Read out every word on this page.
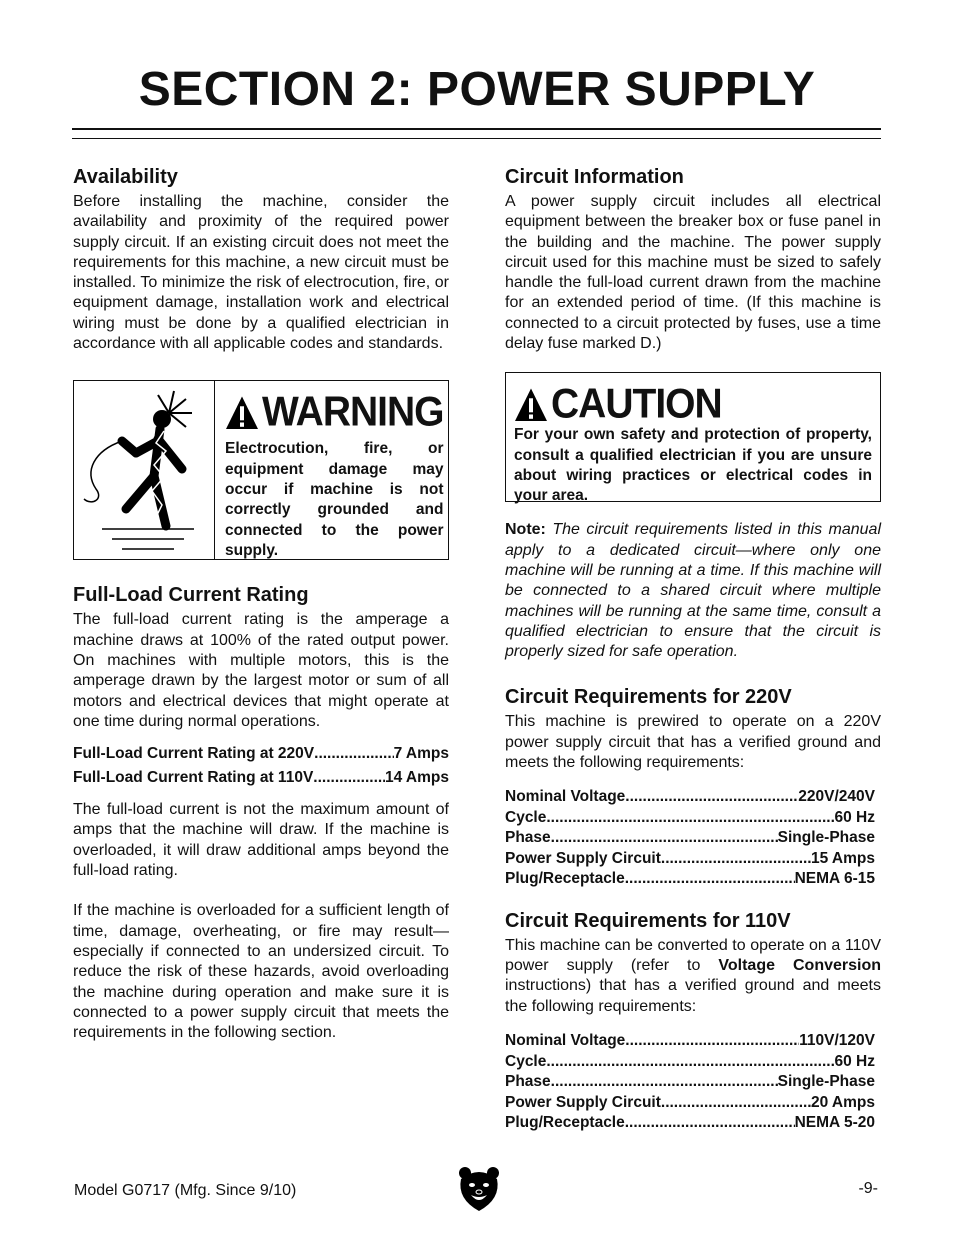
SECTION 2: POWER SUPPLY
Availability

Before installing the machine, consider the availability and proximity of the required power supply circuit. If an existing circuit does not meet the requirements for this machine, a new circuit must be installed. To minimize the risk of electrocution, fire, or equipment damage, installation work and electrical wiring must be done by a qualified electrician in accordance with all applicable codes and standards.

WARNING
Electrocution, fire, or equipment damage may occur if machine is not correctly grounded and connected to the power supply.
Full-Load Current Rating

The full-load current rating is the amperage a machine draws at 100% of the rated output power. On machines with multiple motors, this is the amperage drawn by the largest motor or sum of all motors and electrical devices that might operate at one time during normal operations.

Full-Load Current Rating at 220V .....	7 Amps
Full-Load Current Rating at 110V .....	14 Amps

The full-load current is not the maximum amount of amps that the machine will draw. If the machine is overloaded, it will draw additional amps beyond the full-load rating.

If the machine is overloaded for a sufficient length of time, damage, overheating, or fire may result—especially if connected to an undersized circuit. To reduce the risk of these hazards, avoid overloading the machine during operation and make sure it is connected to a power supply circuit that meets the requirements in the following section.

Circuit Information

A power supply circuit includes all electrical equipment between the breaker box or fuse panel in the building and the machine. The power supply circuit used for this machine must be sized to safely handle the full-load current drawn from the machine for an extended period of time. (If this machine is connected to a circuit protected by fuses, use a time delay fuse marked D.)

CAUTION
For your own safety and protection of property, consult a qualified electrician if you are unsure about wiring practices or electrical codes in your area.
Note: The circuit requirements listed in this manual apply to a dedicated circuit—where only one machine will be running at a time. If this machine will be connected to a shared circuit where multiple machines will be running at the same time, consult a qualified electrician to ensure that the circuit is properly sized for safe operation.
Circuit Requirements for 220V

This machine is prewired to operate on a 220V power supply circuit that has a verified ground and meets the following requirements:

Nominal Voltage .....	220V/240V
Cycle .....	60 Hz
Phase .....	Single-Phase
Power Supply Circuit .....	15 Amps
Plug/Receptacle .....	NEMA 6-15
Circuit Requirements for 110V

This machine can be converted to operate on a 110V power supply (refer to Voltage Conversion instructions) that has a verified ground and meets the following requirements:

Nominal Voltage .....	110V/120V
Cycle .....	60 Hz
Phase .....	Single-Phase
Power Supply Circuit .....	20 Amps
Plug/Receptacle .....	NEMA 5-20
Model G0717 (Mfg. Since 9/10)	-9-
